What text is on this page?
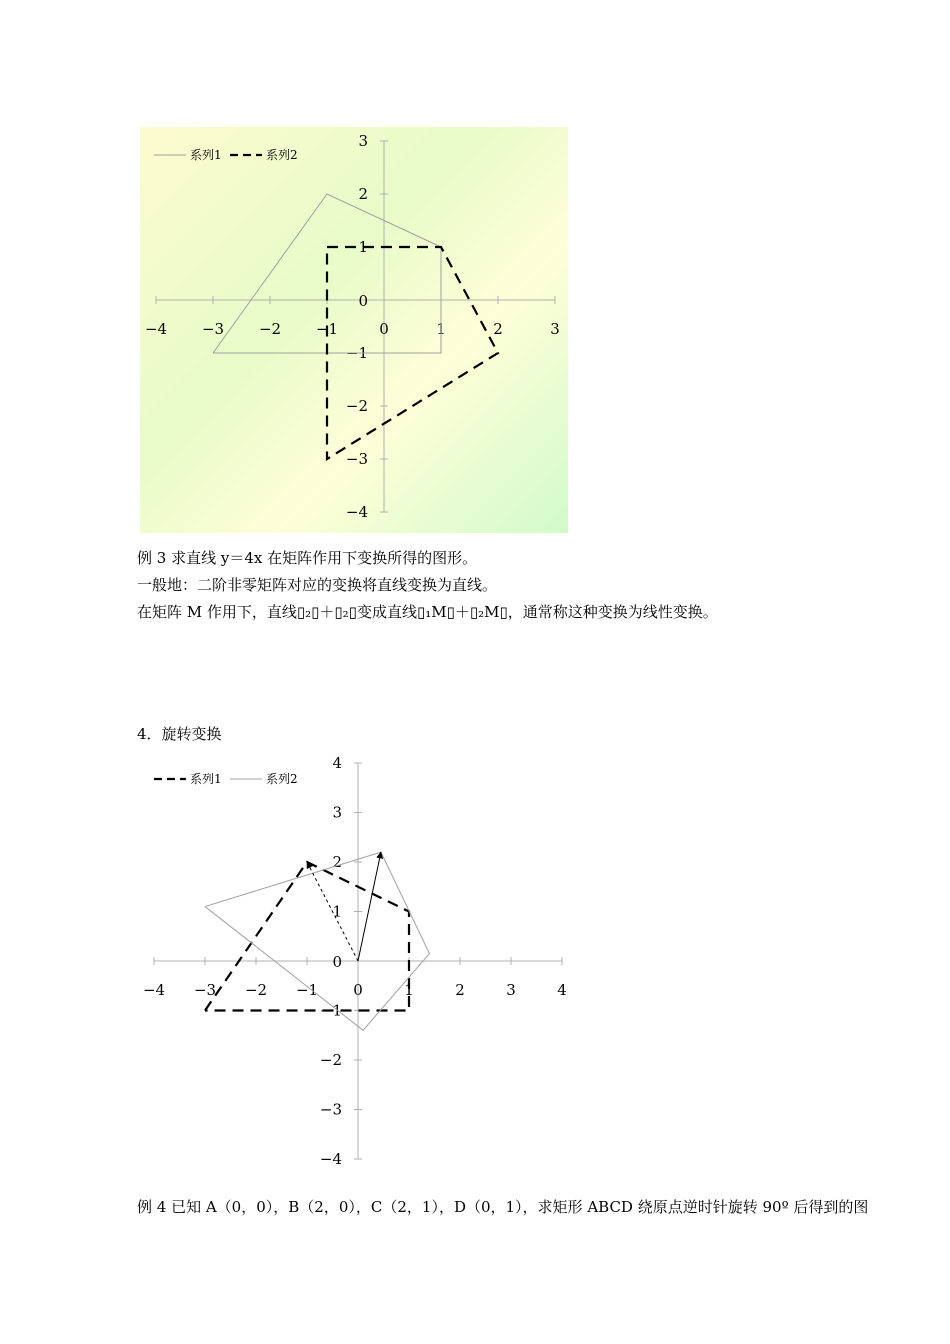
−4 −3 −2 −1	0	1	2	3
−4
−3
−2
−1
1
2
3
0
系列1	系列2
例 3 求直线 y＝4x 在矩阵作用下变换所得的图形。
一般地：二阶非零矩阵对应的变换将直线变换为直线。
在矩阵 M 作用下，直线▯₂▯＋▯₂▯变成直线▯₁M▯＋▯₂M▯，通常称这种变换为线性变换。
4．旋转变换
−4 −3 −2 −1 0	1	2	3	4
−4
−3
−2
−1
1
2
3
4
0
系列1	系列2
例 4 已知 A（0，0），B（2，0），C（2，1），D（0，1），求矩形 ABCD 绕原点逆时针旋转 90º 后得到的图
